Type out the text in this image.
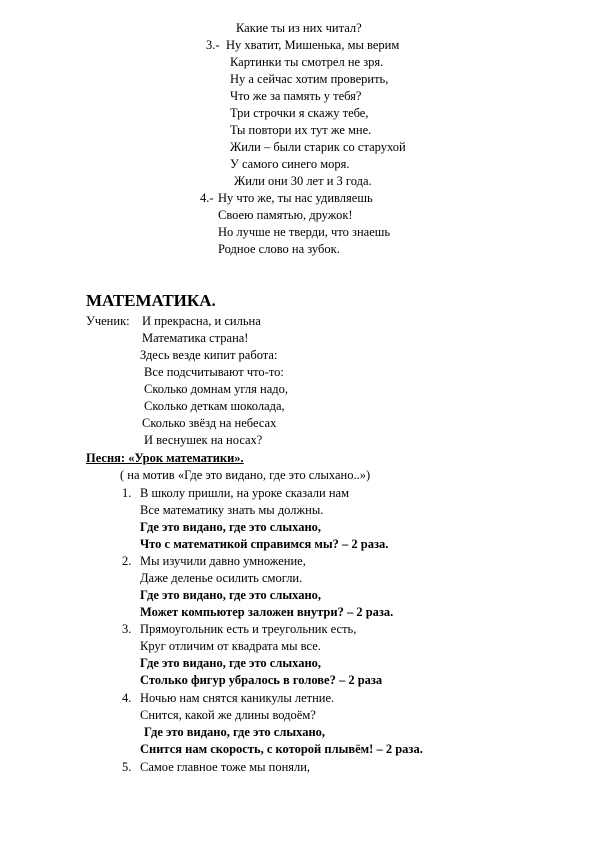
Какие ты из них читал?
3.- Ну хватит, Мишенька, мы верим
Картинки ты смотрел не зря.
Ну а сейчас хотим проверить,
Что же за память у тебя?
Три строчки я скажу тебе,
Ты повтори их тут же мне.
Жили – были старик со старухой
У самого синего моря.
Жили они 30 лет и 3 года.
4.- Ну что же, ты нас удивляешь
Своею памятью, дружок!
Но лучше не тверди, что знаешь
Родное слово на зубок.
МАТЕМАТИКА.
Ученик: И прекрасна, и сильна
Математика страна!
Здесь везде кипит работа:
Все подсчитывают что-то:
Сколько домнам угля надо,
Сколько деткам шоколада,
Сколько звёзд на небесах
И веснушек на носах?
Песня: «Урок математики».
( на мотив «Где это видано, где это слыхано..»)
1. В школу пришли, на уроке сказали нам
Все математику знать мы должны.
Где это видано, где это слыхано,
Что с математикой справимся мы? – 2 раза.
2. Мы изучили давно умножение,
Даже деленье осилить смогли.
Где это видано, где это слыхано,
Может компьютер заложен внутри? – 2 раза.
3. Прямоугольник есть и треугольник есть,
Круг отличим от квадрата мы все.
Где это видано, где это слыхано,
Столько фигур убралось в голове? – 2 раза
4. Ночью нам снятся каникулы летние.
Снится, какой же длины водоём?
Где это видано, где это слыхано,
Снится нам скорость, с которой плывём! – 2 раза.
5. Самое главное тоже мы поняли,
